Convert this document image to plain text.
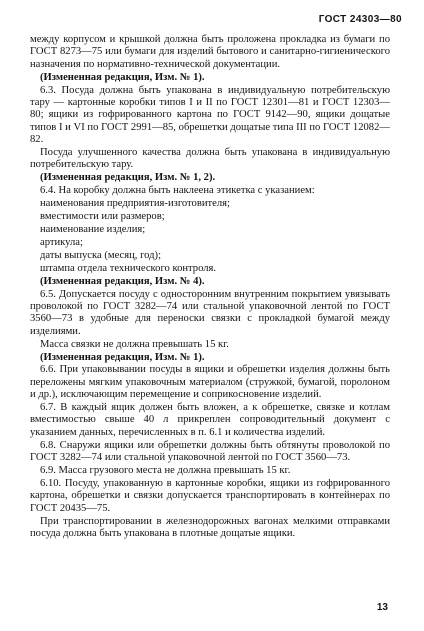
ГОСТ 24303—80

между корпусом и крышкой должна быть проложена прокладка из бумаги по ГОСТ 8273—75 или бумаги для изделий бытового и санитарно-гигиенического назначения по нормативно-технической документации.

(Измененная редакция, Изм. № 1).

6.3. Посуда должна быть упакована в индивидуальную потребительскую тару — картонные коробки типов I и II по ГОСТ 12301—81 и ГОСТ 12303—80; ящики из гофрированного картона по ГОСТ 9142—90, ящики дощатые типов I и VI по ГОСТ 2991—85, обрешетки дощатые типа III по ГОСТ 12082—82.

Посуда улучшенного качества должна быть упакована в индивидуальную потребительскую тару.

(Измененная редакция, Изм. № 1, 2).

6.4. На коробку должна быть наклеена этикетка с указанием:

наименования предприятия-изготовителя;

вместимости или размеров;

наименование изделия;

артикула;

даты выпуска (месяц, год);

штампа отдела технического контроля.

(Измененная редакция, Изм. № 4).

6.5. Допускается посуду с односторонним внутренним покрытием увязывать проволокой по ГОСТ 3282—74 или стальной упаковочной лентой по ГОСТ 3560—73 в удобные для переноски связки с прокладкой бумагой между изделиями.

Масса связки не должна превышать 15 кг.

(Измененная редакция, Изм. № 1).

6.6. При упаковывании посуды в ящики и обрешетки изделия должны быть переложены мягким упаковочным материалом (стружкой, бумагой, поролоном и др.), исключающим перемещение и соприкосновение изделий.

6.7. В каждый ящик должен быть вложен, а к обрешетке, связке и котлам вместимостью свыше 40 л прикреплен сопроводительный документ с указанием данных, перечисленных в п. 6.1 и количества изделий.

6.8. Снаружи ящики или обрешетки должны быть обтянуты проволокой по ГОСТ 3282—74 или стальной упаковочной лентой по ГОСТ 3560—73.

6.9. Масса грузового места не должна превышать 15 кг.

6.10. Посуду, упакованную в картонные коробки, ящики из гофрированного картона, обрешетки и связки допускается транспортировать в контейнерах по ГОСТ 20435—75.

При транспортировании в железнодорожных вагонах мелкими отправками посуда должна быть упакована в плотные дощатые ящики.

13
